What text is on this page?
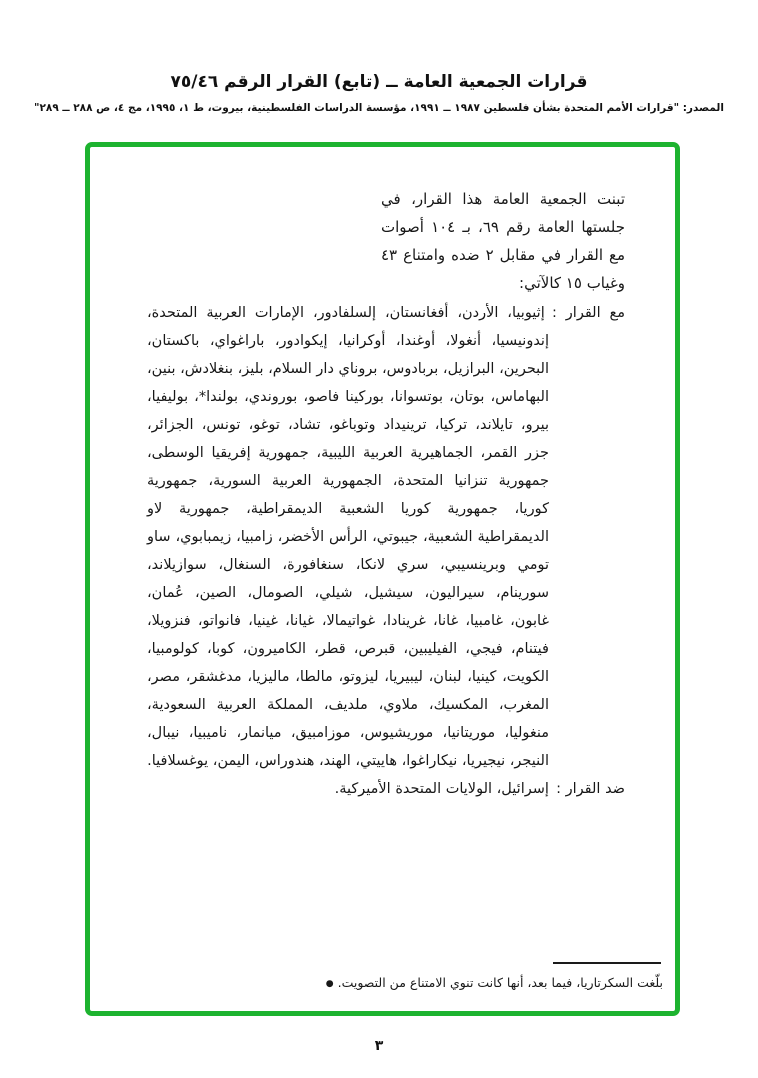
قرارات الجمعية العامة ــ (تابع) القرار الرقم ٧٥/٤٦
المصدر: "قرارات الأمم المتحدة بشأن فلسطين ١٩٨٧ ــ ١٩٩١، مؤسسة الدراسات الفلسطينية، بيروت، ط ١، ١٩٩٥، مج ٤، ص ٢٨٨ ــ ٢٨٩"

تبنت الجمعية العامة هذا القرار، في جلستها العامة رقم ٦٩، بـ ١٠٤ أصوات مع القرار في مقابل ٢ ضده وامتناع ٤٣ وغياب ١٥ كالآتي:

مع القرار : إثيوبيا، الأردن، أفغانستان، إلسلفادور، الإمارات العربية المتحدة، إندونيسيا، أنغولا، أوغندا، أوكرانيا، إيكوادور، باراغواي، باكستان، البحرين، البرازيل، بربادوس، بروناي دار السلام، بليز، بنغلادش، بنين، البهاماس، بوتان، بوتسوانا، بوركينا فاصو، بوروندي، بولندا*، بوليفيا، بيرو، تايلاند، تركيا، ترينيداد وتوباغو، تشاد، توغو، تونس، الجزائر، جزر القمر، الجماهيرية العربية الليبية، جمهورية إفريقيا الوسطى، جمهورية تنزانيا المتحدة، الجمهورية العربية السورية، جمهورية كوريا، جمهورية كوريا الشعبية الديمقراطية، جمهورية لاو الديمقراطية الشعبية، جيبوتي، الرأس الأخضر، زامبيا، زيمبابوي، ساو تومي وبرينسيبي، سري لانكا، سنغافورة، السنغال، سوازيلاند، سورينام، سيراليون، سيشيل، شيلي، الصومال، الصين، عُمان، غابون، غامبيا، غانا، غرينادا، غواتيمالا، غيانا، غينيا، فانواتو، فنزويلا، فيتنام، فيجي، الفيليبين، قبرص، قطر، الكاميرون، كوبا، كولومبيا، الكويت، كينيا، لبنان، ليبيريا، ليزوتو، مالطا، ماليزيا، مدغشقر، مصر، المغرب، المكسيك، ملاوي، ملديف، المملكة العربية السعودية، منغوليا، موريتانيا، موريشيوس، موزامبيق، ميانمار، ناميبيا، نيبال، النيجر، نيجيريا، نيكاراغوا، هاييتي، الهند، هندوراس، اليمن، يوغسلافيا.

ضد القرار : إسرائيل، الولايات المتحدة الأميركية.

بلّغت السكرتاريا، فيما بعد، أنها كانت تنوي الامتناع من التصويت.●

٣
